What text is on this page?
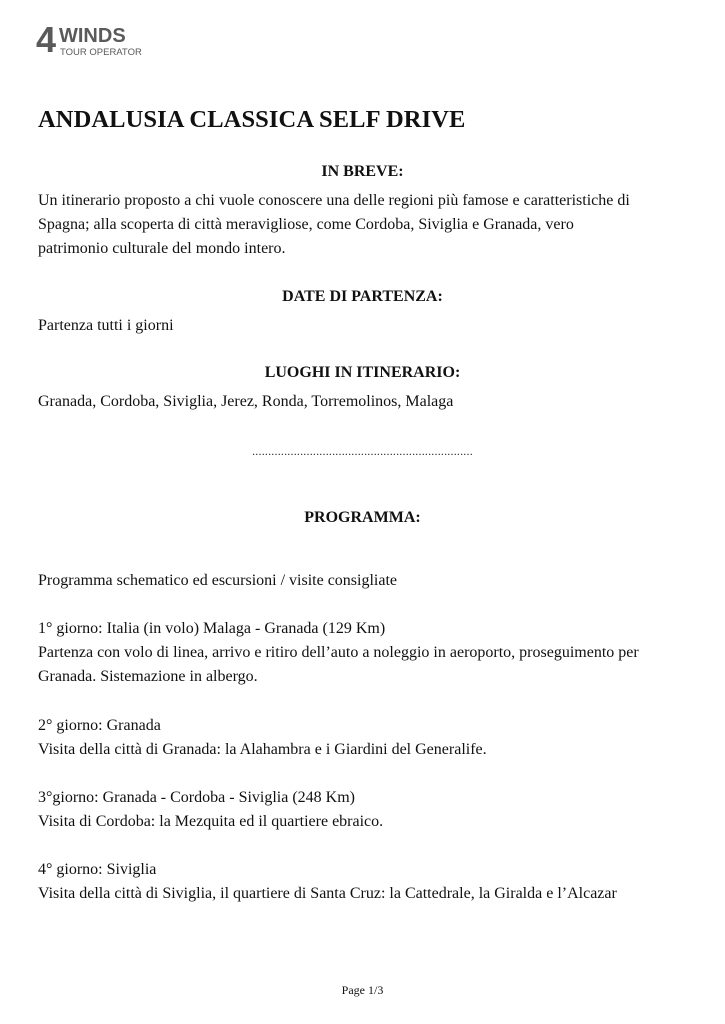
4 WINDS
TOUR OPERATOR
ANDALUSIA CLASSICA SELF DRIVE
IN BREVE:

Un itinerario proposto a chi vuole conoscere una delle regioni più famose e caratteristiche di
Spagna; alla scoperta di città meravigliose, come Cordoba, Siviglia e Granada, vero
patrimonio culturale del mondo intero.

DATE DI PARTENZA:

Partenza tutti i giorni

LUOGHI IN ITINERARIO:

Granada, Cordoba, Siviglia, Jerez, Ronda, Torremolinos, Malaga

.....................................................................
PROGRAMMA:

Programma schematico ed escursioni / visite consigliate

1° giorno: Italia (in volo) Malaga - Granada (129 Km)

Partenza con volo di linea, arrivo e ritiro dell’auto a noleggio in aeroporto, proseguimento per

Granada. Sistemazione in albergo.

2° giorno: Granada

Visita della città di Granada: la Alahambra e i Giardini del Generalife.

3°giorno: Granada - Cordoba - Siviglia (248 Km)

Visita di Cordoba: la Mezquita ed il quartiere ebraico.

4° giorno: Siviglia

Visita della città di Siviglia, il quartiere di Santa Cruz: la Cattedrale, la Giralda e l’Alcazar

Page 1/3
